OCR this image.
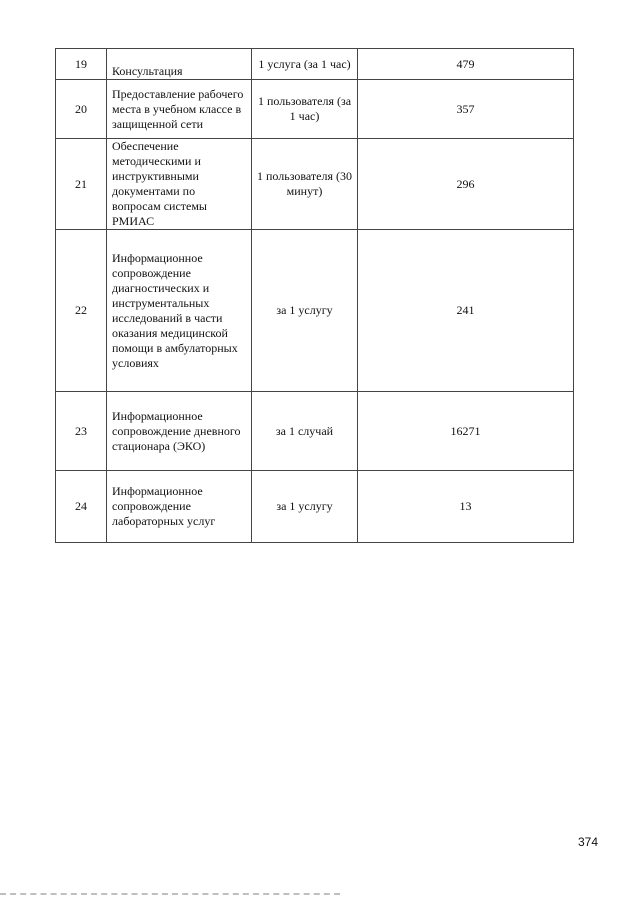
19	Консультация	1 услуга (за 1 час)	479
20	Предоставление рабочего места в учебном классе в защищенной сети	1 пользователя (за 1 час)	357
21	Обеспечение методическими и инструктивными документами по вопросам системы РМИАС	1 пользователя (30 минут)	296
22	Информационное сопровождение диагностических и инструментальных исследований в части оказания медицинской помощи в амбулаторных условиях	за 1 услугу	241
23	Информационное сопровождение дневного стационара (ЭКО)	за 1 случай	16271
24	Информационное сопровождение лабораторных услуг	за 1 услугу	13
374
